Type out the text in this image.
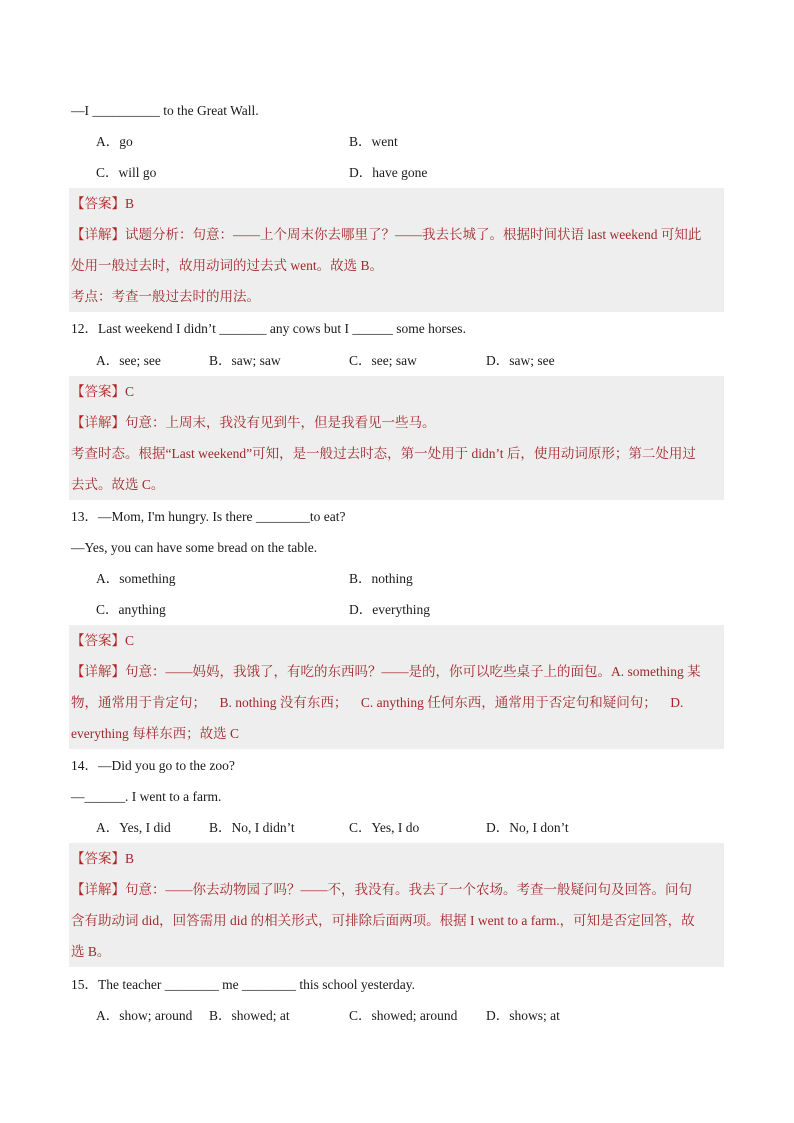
—I __________ to the Great Wall.
A．go	B．went
C．will go	D．have gone
【答案】B
【详解】试题分析：句意：——上个周末你去哪里了？——我去长城了。根据时间状语 last weekend 可知此
处用一般过去时，故用动词的过去式 went。故选 B。
考点：考查一般过去时的用法。
12．Last weekend I didn’t _______ any cows but I ______ some horses.
A．see; see	B．saw; saw	C．see; saw	D．saw; see
【答案】C
【详解】句意：上周末，我没有见到牛，但是我看见一些马。
考查时态。根据“Last weekend”可知，是一般过去时态，第一处用于 didn’t 后，使用动词原形；第二处用过
去式。故选 C。
13．—Mom, I'm hungry. Is there ________to eat?
—Yes, you can have some bread on the table.
A．something	B．nothing
C．anything	D．everything
【答案】C
【详解】句意：——妈妈，我饿了，有吃的东西吗？——是的，你可以吃些桌子上的面包。A. something 某
物，通常用于肯定句；    B. nothing 没有东西；    C. anything 任何东西，通常用于否定句和疑问句；    D.
everything 每样东西；故选 C
14．—Did you go to the zoo?
—______. I went to a farm.
A．Yes, I did	B．No, I didn’t	C．Yes, I do	D．No, I don’t
【答案】B
【详解】句意：——你去动物园了吗？——不，我没有。我去了一个农场。考查一般疑问句及回答。问句
含有助动词 did，回答需用 did 的相关形式，可排除后面两项。根据 I went to a farm.，可知是否定回答，故
选 B。
15．The teacher ________ me ________ this school yesterday.
A．show; around B．showed; at	C．showed; around D．shows; at
